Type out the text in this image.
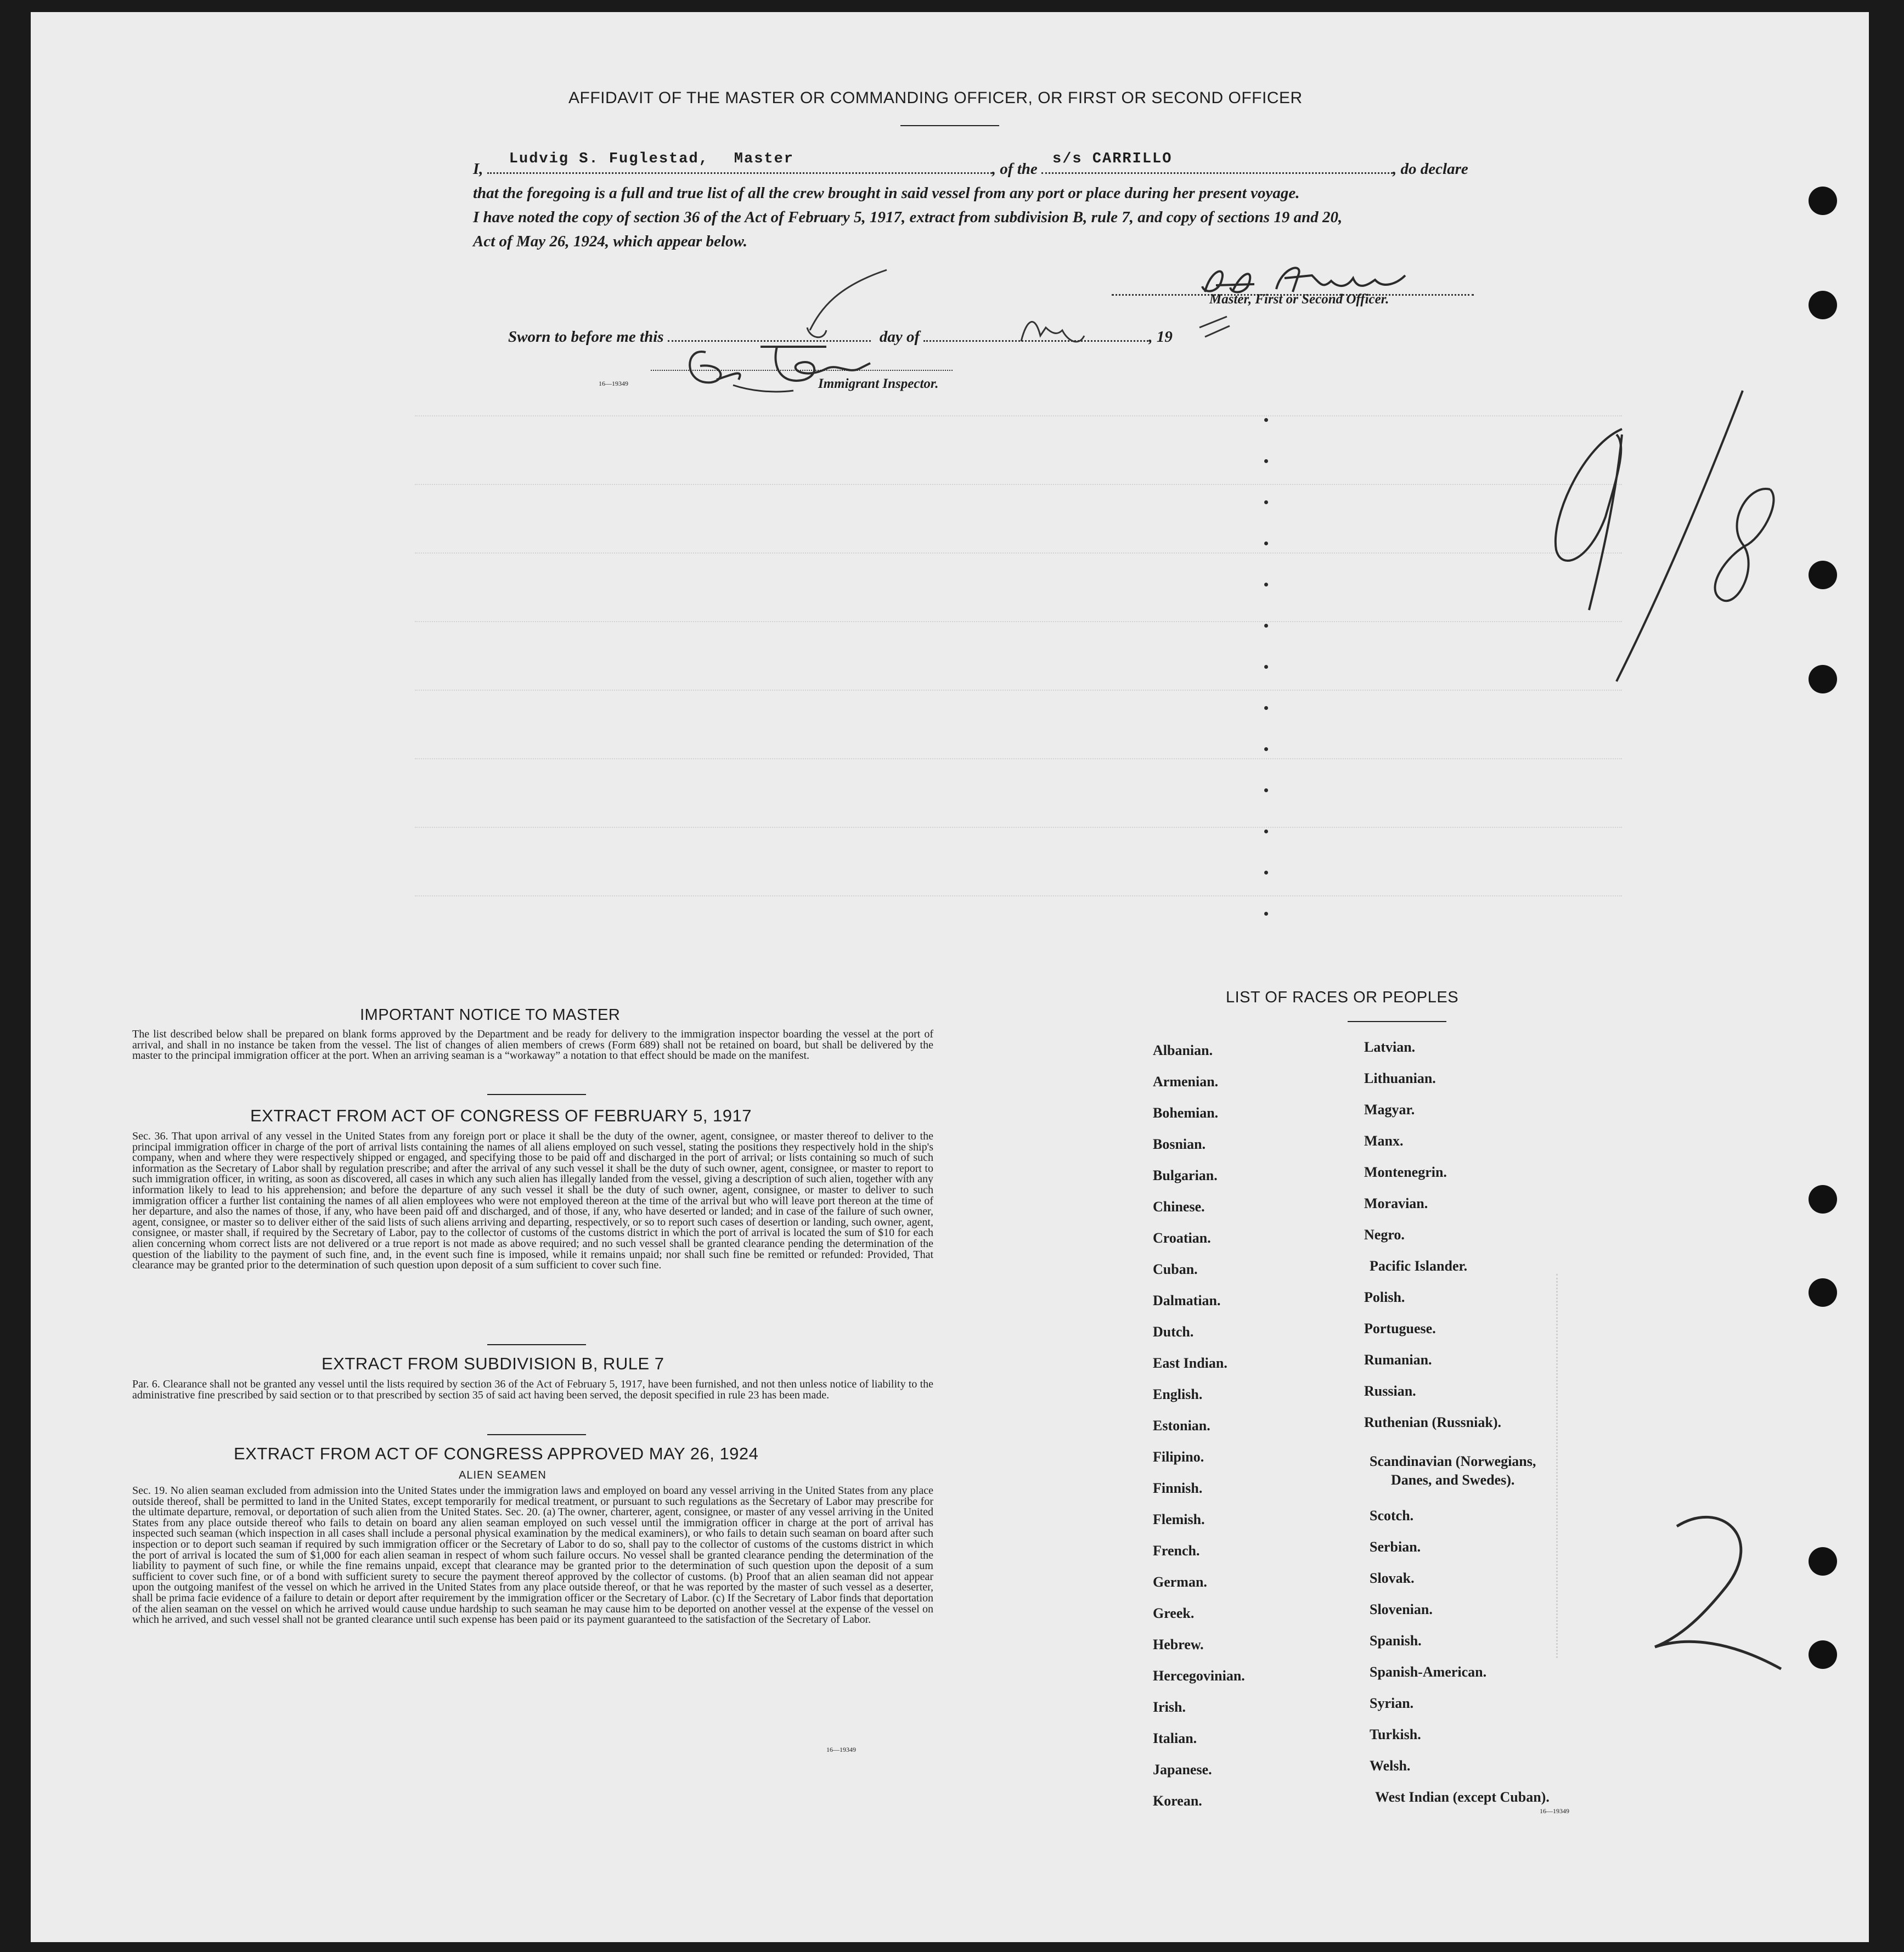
AFFIDAVIT OF THE MASTER OR COMMANDING OFFICER, OR FIRST OR SECOND OFFICER
I,
Ludvig S. Fuglestad, Master
, of the
s/s CARRILLO
, do declare
that the foregoing is a full and true list of all the crew brought in said vessel from any port or place during her present voyage.
I have noted the copy of section 36 of the Act of February 5, 1917, extract from subdivision B, rule 7, and copy of sections 19 and 20,
Act of May 26, 1924, which appear below.
Master, First or Second Officer.
Sworn to before me this	day of	, 19
16—19349	Immigrant Inspector.
IMPORTANT NOTICE TO MASTER
The list described below shall be prepared on blank forms approved by the Department and be ready for delivery to the immigration inspector boarding the vessel at the port of arrival, and shall in no instance be taken from the vessel. The list of changes of alien members of crews (Form 689) shall not be retained on board, but shall be delivered by the master to the principal immigration officer at the port. When an arriving seaman is a “workaway” a notation to that effect should be made on the manifest.
EXTRACT FROM ACT OF CONGRESS OF FEBRUARY 5, 1917
Sec. 36. That upon arrival of any vessel in the United States from any foreign port or place it shall be the duty of the owner, agent, consignee, or master thereof to deliver to the principal immigration officer in charge of the port of arrival lists containing the names of all aliens employed on such vessel, stating the positions they respectively hold in the ship's company, when and where they were respectively shipped or engaged, and specifying those to be paid off and discharged in the port of arrival; or lists containing so much of such information as the Secretary of Labor shall by regulation prescribe; and after the arrival of any such vessel it shall be the duty of such owner, agent, consignee, or master to report to such immigration officer, in writing, as soon as discovered, all cases in which any such alien has illegally landed from the vessel, giving a description of such alien, together with any information likely to lead to his apprehension; and before the departure of any such vessel it shall be the duty of such owner, agent, consignee, or master to deliver to such immigration officer a further list containing the names of all alien employees who were not employed thereon at the time of the arrival but who will leave port thereon at the time of her departure, and also the names of those, if any, who have been paid off and discharged, and of those, if any, who have deserted or landed; and in case of the failure of such owner, agent, consignee, or master so to deliver either of the said lists of such aliens arriving and departing, respectively, or so to report such cases of desertion or landing, such owner, agent, consignee, or master shall, if required by the Secretary of Labor, pay to the collector of customs of the customs district in which the port of arrival is located the sum of $10 for each alien concerning whom correct lists are not delivered or a true report is not made as above required; and no such vessel shall be granted clearance pending the determination of the question of the liability to the payment of such fine, and, in the event such fine is imposed, while it remains unpaid; nor shall such fine be remitted or refunded: Provided, That clearance may be granted prior to the determination of such question upon deposit of a sum sufficient to cover such fine.
EXTRACT FROM SUBDIVISION B, RULE 7
Par. 6. Clearance shall not be granted any vessel until the lists required by section 36 of the Act of February 5, 1917, have been furnished, and not then unless notice of liability to the administrative fine prescribed by said section or to that prescribed by section 35 of said act having been served, the deposit specified in rule 23 has been made.
EXTRACT FROM ACT OF CONGRESS APPROVED MAY 26, 1924
ALIEN SEAMEN
Sec. 19. No alien seaman excluded from admission into the United States under the immigration laws and employed on board any vessel arriving in the United States from any place outside thereof, shall be permitted to land in the United States, except temporarily for medical treatment, or pursuant to such regulations as the Secretary of Labor may prescribe for the ultimate departure, removal, or deportation of such alien from the United States. Sec. 20. (a) The owner, charterer, agent, consignee, or master of any vessel arriving in the United States from any place outside thereof who fails to detain on board any alien seaman employed on such vessel until the immigration officer in charge at the port of arrival has inspected such seaman (which inspection in all cases shall include a personal physical examination by the medical examiners), or who fails to detain such seaman on board after such inspection or to deport such seaman if required by such immigration officer or the Secretary of Labor to do so, shall pay to the collector of customs of the customs district in which the port of arrival is located the sum of $1,000 for each alien seaman in respect of whom such failure occurs. No vessel shall be granted clearance pending the determination of the liability to payment of such fine, or while the fine remains unpaid, except that clearance may be granted prior to the determination of such question upon the deposit of a sum sufficient to cover such fine, or of a bond with sufficient surety to secure the payment thereof approved by the collector of customs. (b) Proof that an alien seaman did not appear upon the outgoing manifest of the vessel on which he arrived in the United States from any place outside thereof, or that he was reported by the master of such vessel as a deserter, shall be prima facie evidence of a failure to detain or deport after requirement by the immigration officer or the Secretary of Labor. (c) If the Secretary of Labor finds that deportation of the alien seaman on the vessel on which he arrived would cause undue hardship to such seaman he may cause him to be deported on another vessel at the expense of the vessel on which he arrived, and such vessel shall not be granted clearance until such expense has been paid or its payment guaranteed to the satisfaction of the Secretary of Labor.
16—19349
LIST OF RACES OR PEOPLES
Albanian.
Armenian.
Bohemian.
Bosnian.
Bulgarian.
Chinese.
Croatian.
Cuban.
Dalmatian.
Dutch.
East Indian.
English.
Estonian.
Filipino.
Finnish.
Flemish.
French.
German.
Greek.
Hebrew.
Hercegovinian.
Irish.
Italian.
Japanese.
Korean.
Latvian.
Lithuanian.
Magyar.
Manx.
Montenegrin.
Moravian.
Negro.
Pacific Islander.
Polish.
Portuguese.
Rumanian.
Russian.
Ruthenian (Russniak).
Scandinavian (Norwegians,
Danes, and Swedes).
Scotch.
Serbian.
Slovak.
Slovenian.
Spanish.
Spanish-American.
Syrian.
Turkish.
Welsh.
West Indian (except Cuban).
16—19349
